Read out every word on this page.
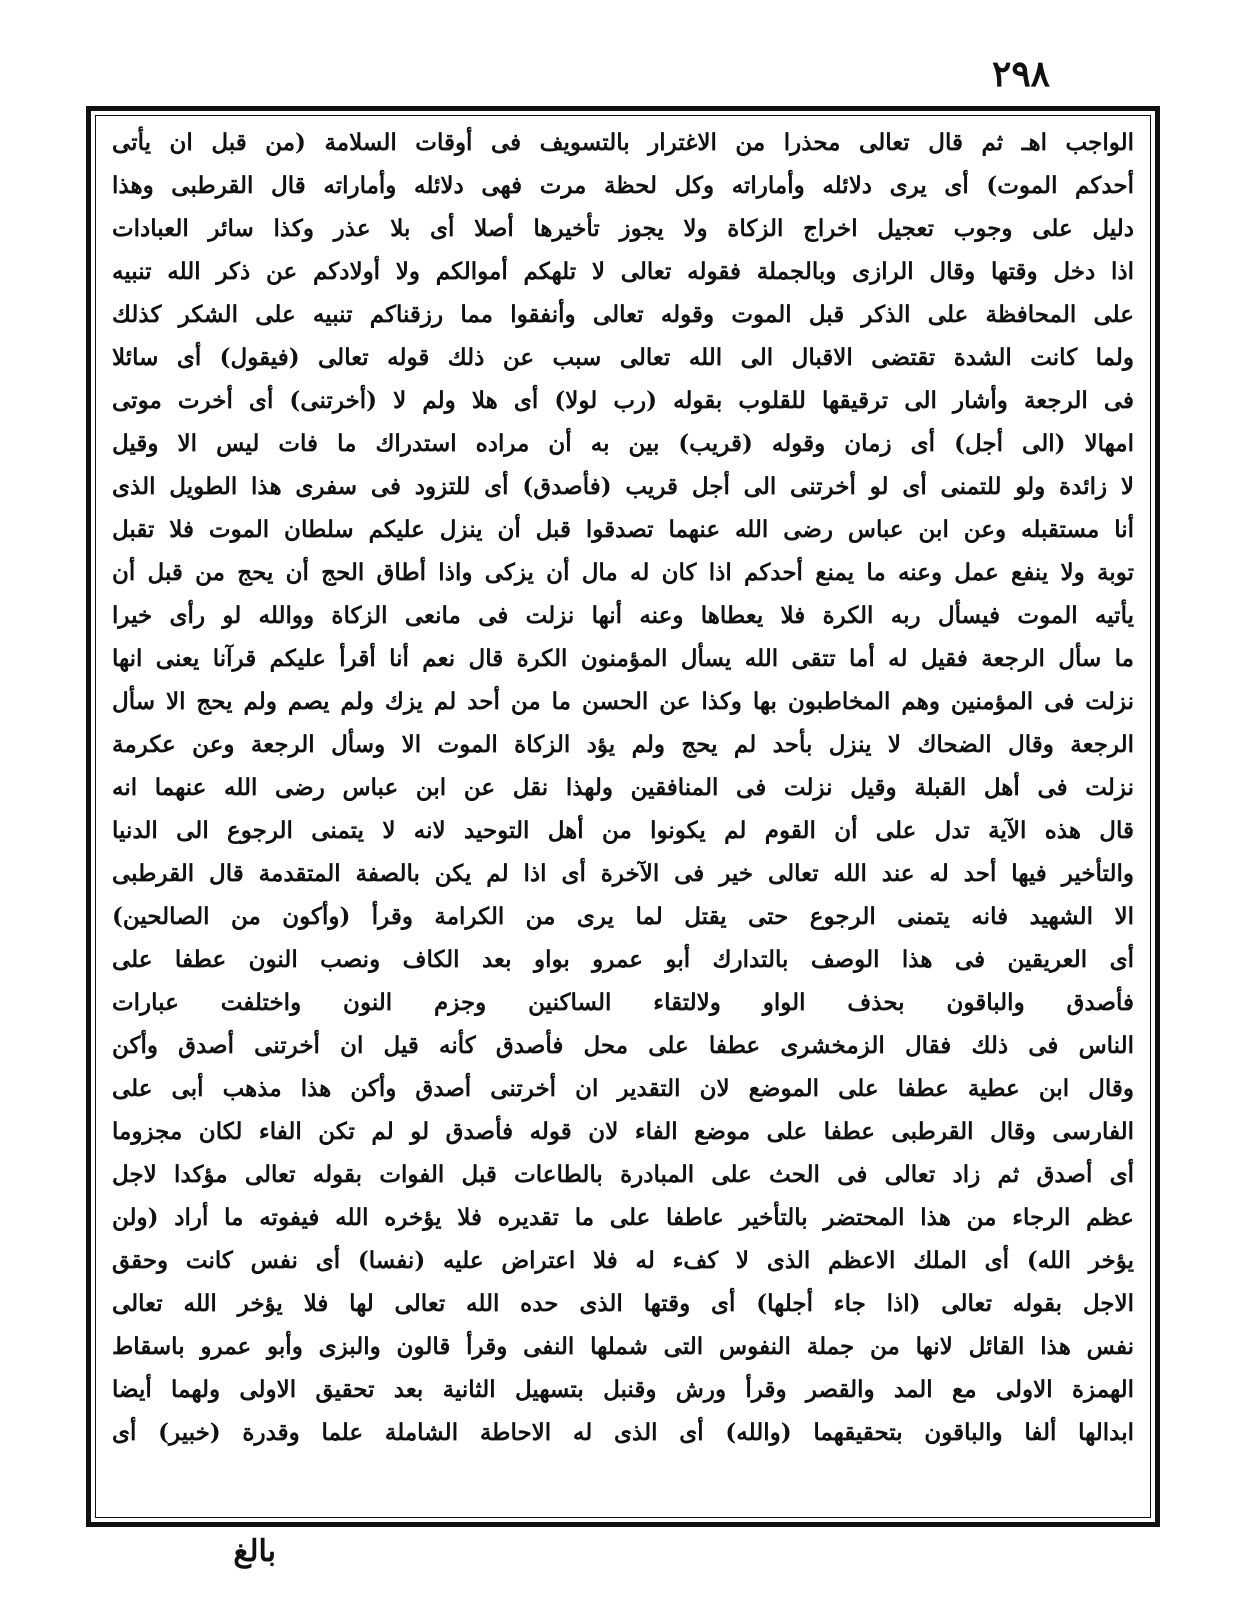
٢٩٨
الواجب اهـ ثم قال تعالى محذرا من الاغترار بالتسويف فى أوقات السلامة (من قبل ان يأتى
أحدكم الموت) أى يرى دلائله وأماراته وكل لحظة مرت فهى دلائله وأماراته قال القرطبى وهذا
دليل على وجوب تعجيل اخراج الزكاة ولا يجوز تأخيرها أصلا أى بلا عذر وكذا سائر العبادات
اذا دخل وقتها وقال الرازى وبالجملة فقوله تعالى لا تلهكم أموالكم ولا أولادكم عن ذكر الله تنبيه
على المحافظة على الذكر قبل الموت وقوله تعالى وأنفقوا مما رزقناكم تنبيه على الشكر كذلك
ولما كانت الشدة تقتضى الاقبال الى الله تعالى سبب عن ذلك قوله تعالى (فيقول) أى سائلا
فى الرجعة وأشار الى ترقيقها للقلوب بقوله (رب لولا) أى هلا ولم لا (أخرتنى) أى أخرت موتى
امهالا (الى أجل) أى زمان وقوله (قريب) بين به أن مراده استدراك ما فات ليس الا وقيل
لا زائدة ولو للتمنى أى لو أخرتنى الى أجل قريب (فأصدق) أى للتزود فى سفرى هذا الطويل الذى
أنا مستقبله وعن ابن عباس رضى الله عنهما تصدقوا قبل أن ينزل عليكم سلطان الموت فلا تقبل
توبة ولا ينفع عمل وعنه ما يمنع أحدكم اذا كان له مال أن يزكى واذا أطاق الحج أن يحج من قبل أن
يأتيه الموت فيسأل ربه الكرة فلا يعطاها وعنه أنها نزلت فى مانعى الزكاة ووالله لو رأى خيرا
ما سأل الرجعة فقيل له أما تتقى الله يسأل المؤمنون الكرة قال نعم أنا أقرأ عليكم قرآنا يعنى انها
نزلت فى المؤمنين وهم المخاطبون بها وكذا عن الحسن ما من أحد لم يزك ولم يصم ولم يحج الا سأل
الرجعة وقال الضحاك لا ينزل بأحد لم يحج ولم يؤد الزكاة الموت الا وسأل الرجعة وعن عكرمة
نزلت فى أهل القبلة وقيل نزلت فى المنافقين ولهذا نقل عن ابن عباس رضى الله عنهما انه
قال هذه الآية تدل على أن القوم لم يكونوا من أهل التوحيد لانه لا يتمنى الرجوع الى الدنيا
والتأخير فيها أحد له عند الله تعالى خير فى الآخرة أى اذا لم يكن بالصفة المتقدمة قال القرطبى
الا الشهيد فانه يتمنى الرجوع حتى يقتل لما يرى من الكرامة وقرأ (وأكون من الصالحين)
أى العريقين فى هذا الوصف بالتدارك أبو عمرو بواو بعد الكاف ونصب النون عطفا على
فأصدق والباقون بحذف الواو ولالتقاء الساكنين وجزم النون واختلفت عبارات
الناس فى ذلك فقال الزمخشرى عطفا على محل فأصدق كأنه قيل ان أخرتنى أصدق وأكن
وقال ابن عطية عطفا على الموضع لان التقدير ان أخرتنى أصدق وأكن هذا مذهب أبى على
الفارسى وقال القرطبى عطفا على موضع الفاء لان قوله فأصدق لو لم تكن الفاء لكان مجزوما
أى أصدق ثم زاد تعالى فى الحث على المبادرة بالطاعات قبل الفوات بقوله تعالى مؤكدا لاجل
عظم الرجاء من هذا المحتضر بالتأخير عاطفا على ما تقديره فلا يؤخره الله فيفوته ما أراد (ولن
يؤخر الله) أى الملك الاعظم الذى لا كفء له فلا اعتراض عليه (نفسا) أى نفس كانت وحقق
الاجل بقوله تعالى (اذا جاء أجلها) أى وقتها الذى حده الله تعالى لها فلا يؤخر الله تعالى
نفس هذا القائل لانها من جملة النفوس التى شملها النفى وقرأ قالون والبزى وأبو عمرو باسقاط
الهمزة الاولى مع المد والقصر وقرأ ورش وقنبل بتسهيل الثانية بعد تحقيق الاولى ولهما أيضا
ابدالها ألفا والباقون بتحقيقهما (والله) أى الذى له الاحاطة الشاملة علما وقدرة (خبير) أى
بالغ
